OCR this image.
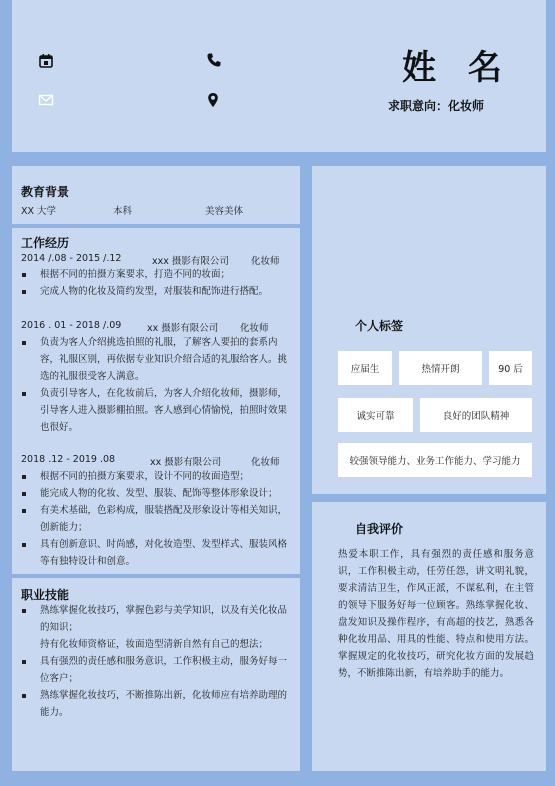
姓 名
求职意向：化妆师
教育背景
XX 大学	本科	美容美体
工作经历
2014 /.08 - 2015 /.12	xxx 摄影有限公司 化妆师
根据不同的拍摄方案要求，打造不同的妆面；
完成人物的化妆及简约发型，对服装和配饰进行搭配。
2016 . 01 - 2018 /.09	xx 摄影有限公司 化妆师
负责为客人介绍挑选拍照的礼服，了解客人要拍的套系内容，礼服区别，再依据专业知识介绍合适的礼服给客人。挑选的礼服很受客人满意。
负责引导客人，在化妆前后，为客人介绍化妆师，摄影师，引导客人进入摄影棚拍照。客人感到心情愉悦，拍照时效果也很好。
2018 .12 - 2019 .08	xx 摄影有限公司	化妆师
根据不同的拍摄方案要求，设计不同的妆面造型；
能完成人物的化妆、发型、服装、配饰等整体形象设计；
有美术基础，色彩构成，服装搭配及形象设计等相关知识，创新能力；
具有创新意识、时尚感，对化妆造型、发型样式、服装风格等有独特设计和创意。
职业技能
熟练掌握化妆技巧，掌握色彩与美学知识，以及有关化妆品的知识；
持有化妆师资格证，妆面造型清新自然有自己的想法；
具有强烈的责任感和服务意识，工作积极主动，服务好每一位客户；
熟练掌握化妆技巧，不断推陈出新，化妆师应有培养助理的能力。
个人标签
应届生	热情开朗	90 后
诚实可靠	良好的团队精神
较强领导能力、业务工作能力、学习能力
自我评价
热爱本职工作，具有强烈的责任感和服务意识，工作积极主动，任劳任怨，讲文明礼貌，要求清洁卫生，作风正派，不谋私利，在主管的领导下服务好每一位顾客。熟练掌握化妆、盘发知识及操作程序，有高超的技艺，熟悉各种化妆用品、用具的性能、特点和使用方法。掌握规定的化妆技巧，研究化妆方面的发展趋势，不断推陈出新，有培养助手的能力。
